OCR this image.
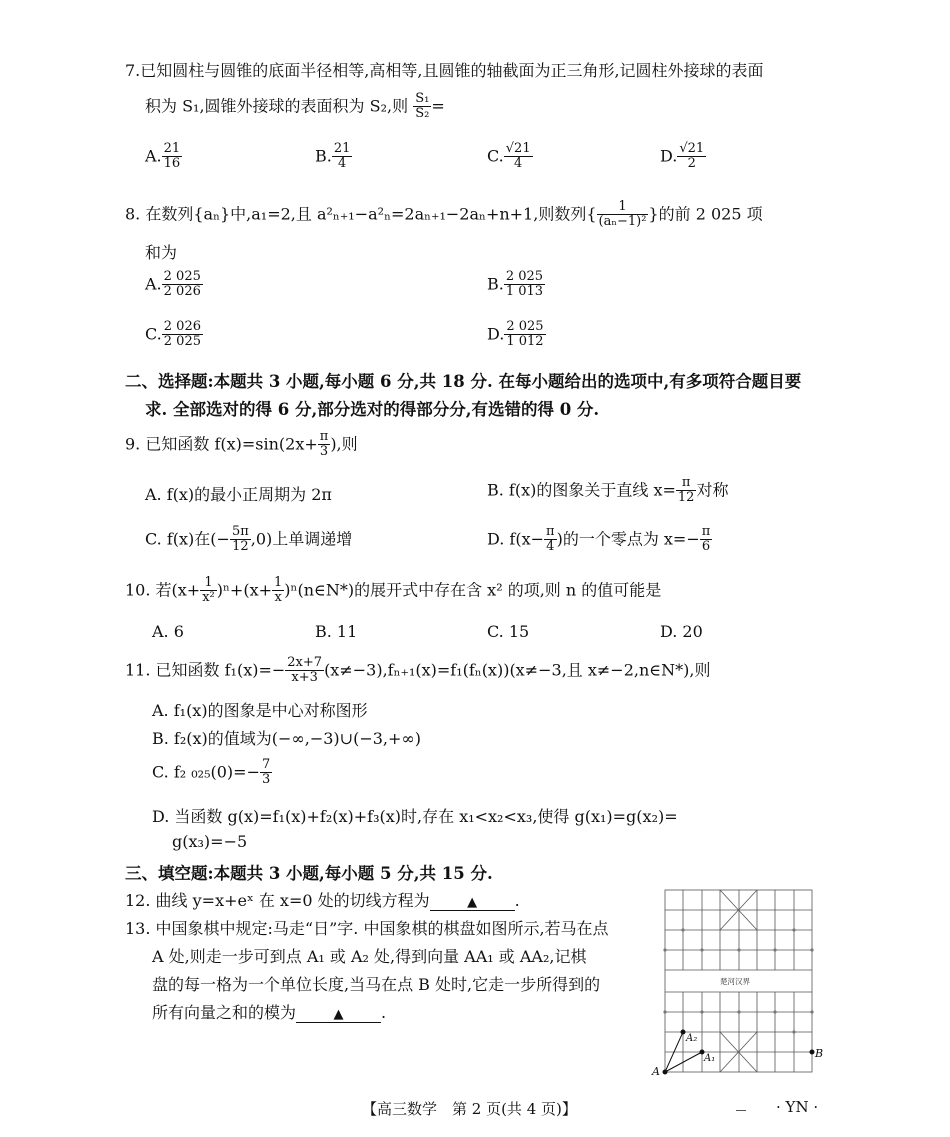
7.已知圆柱与圆锥的底面半径相等,高相等,且圆锥的轴截面为正三角形,记圆柱外接球的表面
积为 S₁,圆锥外接球的表面积为 S₂,则 $\frac{\text{S₁}}{\text{S₂}}$ =
A. $\frac{21}{16}$	B. $\frac{21}{4}$	C. $\frac{√21}{4}$	D. $\frac{√21}{2}$
8. 在数列{aₙ}中,a₁=2,且 a²ₙ₊₁−a²ₙ=2aₙ₊₁−2aₙ+n+1,则数列{ $\frac{1}{\text{(aₙ−1)²}}$ }的前 2 025 项
和为
A. $\frac{2 025}{2 026}$	B. $\frac{2 025}{1 013}$
C. $\frac{2 026}{2 025}$	D. $\frac{2 025}{1 012}$
二、选择题:本题共 3 小题,每小题 6 分,共 18 分. 在每小题给出的选项中,有多项符合题目要
求. 全部选对的得 6 分,部分选对的得部分分,有选错的得 0 分.
9. 已知函数 $f(x)=\sin(2x+ \frac{\pi}{3}$ ),则
A. f(x)的最小正周期为 2π	B. f(x)的图象关于直线 $x= \frac{\pi}{12}$ 对称
C. f(x)在(− $\frac{5\pi}{12} ,0$)上单调递增	D. $f(x- \frac{\pi}{4}$ )的一个零点为 $x=- \frac{\pi}{6}$
10. 若$(x+ \frac{1}{\text{x²}} )^n+(x+ \frac{1}{x}$ )ⁿ(n∈N*)的展开式中存在含 x² 的项,则 n 的值可能是
A. 6	B. 11	C. 15	D. 20
11. 已知函数 $f_1(x)=- \frac{2x+7}{x+3} (x\ne-3),f_{n+1}(x)=f_1(f_n(x))(x\ne-3$,且 x≠−2,n∈N*),则
A. f₁(x)的图象是中心对称图形
B. f₂(x)的值域为(−∞,−3)∪(−3,+∞)
C. f₂ $_{025}(0)=- \frac{7}{3}$
D. 当函数 g(x)=f₁(x)+f₂(x)+f₃(x)时,存在 x₁<x₂<x₃,使得 g(x₁)=g(x₂)=
g(x₃)=−5
三、填空题:本题共 3 小题,每小题 5 分,共 15 分.
12. 曲线 y=x+eˣ 在 x=0 处的切线方程为	▲ .
13. 中国象棋中规定:马走“日”字. 中国象棋的棋盘如图所示,若马在点
A 处,则走一步可到点 A₁ 或 A₂ 处,得到向量 AA₁ 或 AA₂,记棋
盘的每一格为一个单位长度,当马在点 B 处时,它走一步所得到的
所有向量之和的模为	▲ .
楚河汉界
A
A₁
A₂
B
【高三数学　第 2 页(共 4 页)】	· YN ·
